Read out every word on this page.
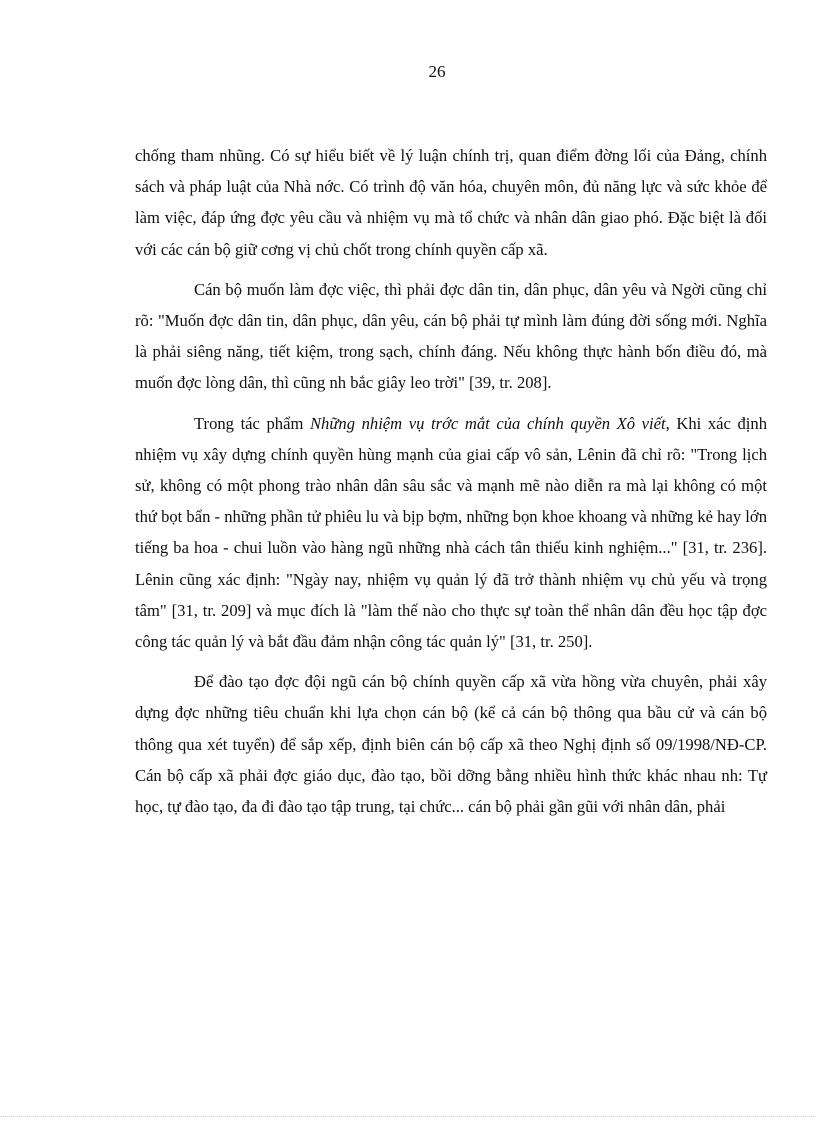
26

chống tham nhũng. Có sự hiểu biết về lý luận chính trị, quan điểm đờng lối của Đảng, chính sách và pháp luật của Nhà nớc. Có trình độ văn hóa, chuyên môn, đủ năng lực và sức khỏe để làm việc, đáp ứng đợc yêu cầu và nhiệm vụ mà tổ chức và nhân dân giao phó. Đặc biệt là đối với các cán bộ giữ cơng vị chủ chốt trong chính quyền cấp xã.

Cán bộ muốn làm đợc việc, thì phải đợc dân tin, dân phục, dân yêu và Ngời cũng chỉ rõ: "Muốn đợc dân tin, dân phục, dân yêu, cán bộ phải tự mình làm đúng đời sống mới. Nghĩa là phải siêng năng, tiết kiệm, trong sạch, chính đáng. Nếu không thực hành bốn điều đó, mà muốn đợc lòng dân, thì cũng nh bắc giây leo trời" [39, tr. 208].

Trong tác phẩm Những nhiệm vụ trớc mắt của chính quyền Xô viết, Khi xác định nhiệm vụ xây dựng chính quyền hùng mạnh của giai cấp vô sản, Lênin đã chỉ rõ: "Trong lịch sử, không có một phong trào nhân dân sâu sắc và mạnh mẽ nào diễn ra mà lại không có một thứ bọt bẩn - những phần tử phiêu lu và bịp bợm, những bọn khoe khoang và những kẻ hay lớn tiếng ba hoa - chui luồn vào hàng ngũ những nhà cách tân thiếu kinh nghiệm..." [31, tr. 236]. Lênin cũng xác định: "Ngày nay, nhiệm vụ quản lý đã trở thành nhiệm vụ chủ yếu và trọng tâm" [31, tr. 209] và mục đích là "làm thế nào cho thực sự toàn thể nhân dân đều học tập đợc công tác quản lý và bắt đầu đảm nhận công tác quản lý" [31, tr. 250].

Để đào tạo đợc đội ngũ cán bộ chính quyền cấp xã vừa hồng vừa chuyên, phải xây dựng đợc những tiêu chuẩn khi lựa chọn cán bộ (kể cả cán bộ thông qua bầu cử và cán bộ thông qua xét tuyển) để sắp xếp, định biên cán bộ cấp xã theo Nghị định số 09/1998/NĐ-CP. Cán bộ cấp xã phải đợc giáo dục, đào tạo, bồi dỡng bằng nhiều hình thức khác nhau nh: Tự học, tự đào tạo, đa đi đào tạo tập trung, tại chức... cán bộ phải gần gũi với nhân dân, phải
